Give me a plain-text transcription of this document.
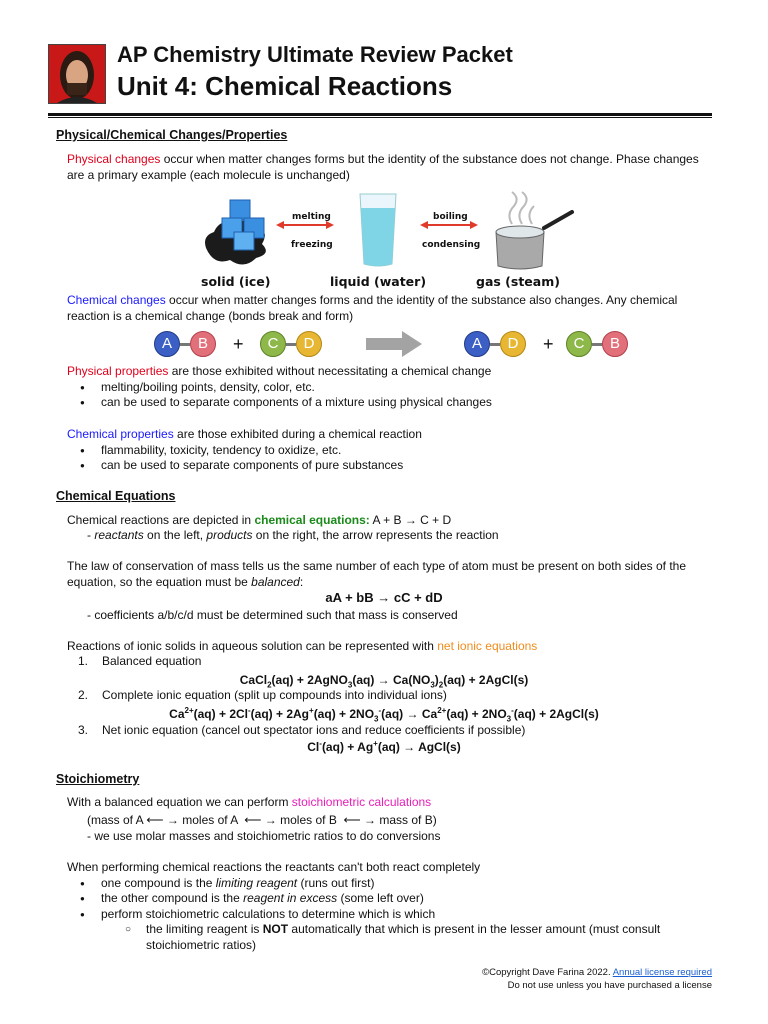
AP Chemistry Ultimate Review Packet
Unit 4: Chemical Reactions
Physical/Chemical Changes/Properties
Physical changes occur when matter changes forms but the identity of the substance does not change. Phase changes are a primary example (each molecule is unchanged)
melting
freezing
boiling
condensing
solid (ice)	liquid (water)	gas (steam)
Chemical changes occur when matter changes forms and the identity of the substance also changes. Any chemical reaction is a chemical change (bonds break and form)
A	B	+	C	D	A	D	+	C	B
Physical properties are those exhibited without necessitating a chemical change
● melting/boiling points, density, color, etc.
● can be used to separate components of a mixture using physical changes
Chemical properties are those exhibited during a chemical reaction
● flammability, toxicity, tendency to oxidize, etc.
● can be used to separate components of pure substances
Chemical Equations
Chemical reactions are depicted in chemical equations: A + B → C + D
- reactants on the left, products on the right, the arrow represents the reaction
The law of conservation of mass tells us the same number of each type of atom must be present on both sides of the equation, so the equation must be balanced:
aA + bB → cC + dD
- coefficients a/b/c/d must be determined such that mass is conserved
Reactions of ionic solids in aqueous solution can be represented with net ionic equations
1. Balanced equation
CaCl$_2$(aq) + 2AgNO$_3$(aq) → $Ca(NO_3)_2(aq)$ + 2AgCl(s)
2. Complete ionic equation (split up compounds into individual ions)
$Ca^{2+}(aq) + 2Cl^-(aq) + 2Ag^+(aq) + 2NO_3^-(aq) \to Ca^{2+}(aq) + 2NO_3^-(aq)$ + 2AgCl(s)
3. Net ionic equation (cancel out spectator ions and reduce coefficients if possible)
Cl-(aq) + Ag+(aq) → AgCl(s)
Stoichiometry
With a balanced equation we can perform stoichiometric calculations
(mass of A ⟵ → moles of A  ⟵ → moles of B  ⟵ → mass of B)
- we use molar masses and stoichiometric ratios to do conversions
When performing chemical reactions the reactants can't both react completely
● one compound is the limiting reagent (runs out first)
● the other compound is the reagent in excess (some left over)
● perform stoichiometric calculations to determine which is which
○ the limiting reagent is NOT automatically that which is present in the lesser amount (must consult stoichiometric ratios)
©Copyright Dave Farina 2022. Annual license required
Do not use unless you have purchased a license
